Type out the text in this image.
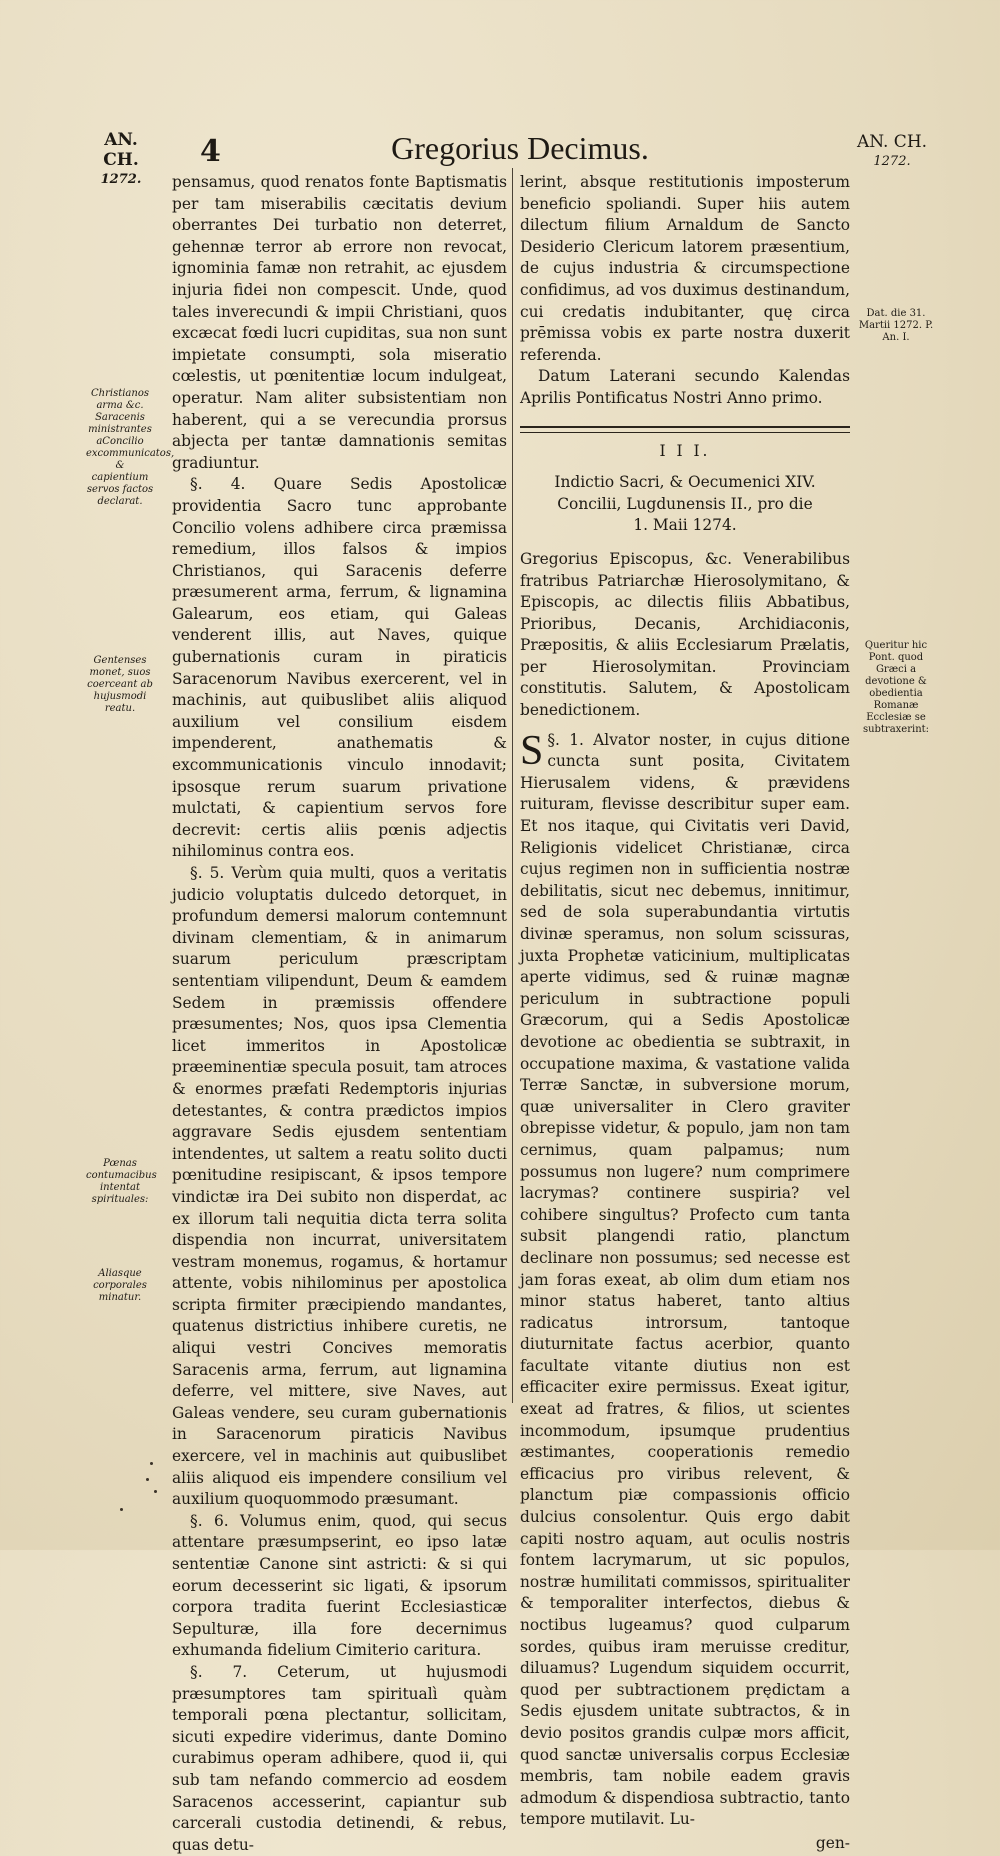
AN. CH.
1272.
4	Gregorius Decimus.	AN. CH.
1272.
Christianos arma &c. Saracenis ministrantes aConcilio excommunicatos, & capientium servos factos declarat.
Gentenses monet, suos coerceant ab hujusmodi reatu.
Pœnas contumacibus intentat spirituales:
Aliasque corporales minatur.
Dat. die 31. Martii 1272. P. An. I.
Queritur hic Pont. quod Græci a devotione & obedientia Romanæ Ecclesiæ se subtraxerint:

pensamus, quod renatos fonte Baptismatis per tam miserabilis cæcitatis devium oberrantes Dei turbatio non deterret, gehennæ terror ab errore non revocat, ignominia famæ non retrahit, ac ejusdem injuria fidei non compescit. Unde, quod tales inverecundi & impii Christiani, quos excæcat fœdi lucri cupiditas, sua non sunt impietate consumpti, sola miseratio cœlestis, ut pœnitentiæ locum indulgeat, operatur. Nam aliter subsistentiam non haberent, qui a se verecundia prorsus abjecta per tantæ damnationis semitas gradiuntur.

§. 4. Quare Sedis Apostolicæ providentia Sacro tunc approbante Concilio volens adhibere circa præmissa remedium, illos falsos & impios Christianos, qui Saracenis deferre præsumerent arma, ferrum, & lignamina Galearum, eos etiam, qui Galeas venderent illis, aut Naves, quique gubernationis curam in piraticis Saracenorum Navibus exercerent, vel in machinis, aut quibuslibet aliis aliquod auxilium vel consilium eisdem impenderent, anathematis & excommunicationis vinculo innodavit; ipsosque rerum suarum privatione mulctati, & capientium servos fore decrevit: certis aliis pœnis adjectis nihilominus contra eos.

§. 5. Verùm quia multi, quos a veritatis judicio voluptatis dulcedo detorquet, in profundum demersi malorum contemnunt divinam clementiam, & in animarum suarum periculum præscriptam sententiam vilipendunt, Deum & eamdem Sedem in præmissis offendere præsumentes; Nos, quos ipsa Clementia licet immeritos in Apostolicæ præeminentiæ specula posuit, tam atroces & enormes præfati Redemptoris injurias detestantes, & contra prædictos impios aggravare Sedis ejusdem sententiam intendentes, ut saltem a reatu solito ducti pœnitudine resipiscant, & ipsos tempore vindictæ ira Dei subito non disperdat, ac ex illorum tali nequitia dicta terra solita dispendia non incurrat, universitatem vestram monemus, rogamus, & hortamur attente, vobis nihilominus per apostolica scripta firmiter præcipiendo mandantes, quatenus districtius inhibere curetis, ne aliqui vestri Concives memoratis Saracenis arma, ferrum, aut lignamina deferre, vel mittere, sive Naves, aut Galeas vendere, seu curam gubernationis in Saracenorum piraticis Navibus exercere, vel in machinis aut quibuslibet aliis aliquod eis impendere consilium vel auxilium quoquommodo præsumant.

§. 6. Volumus enim, quod, qui secus attentare præsumpserint, eo ipso latæ sententiæ Canone sint astricti: & si qui eorum decesserint sic ligati, & ipsorum corpora tradita fuerint Ecclesiasticæ Sepulturæ, illa fore decernimus exhumanda fidelium Cimiterio caritura.

§. 7. Ceterum, ut hujusmodi præsumptores tam spiritualì quàm temporali pœna plectantur, sollicitam, sicuti expedire viderimus, dante Domino curabimus operam adhibere, quod ii, qui sub tam nefando commercio ad eosdem Saracenos accesserint, capiantur sub carcerali custodia detinendi, & rebus, quas detu-

lerint, absque restitutionis imposterum beneficio spoliandi. Super hiis autem dilectum filium Arnaldum de Sancto Desiderio Clericum latorem præsentium, de cujus industria & circumspectione confidimus, ad vos duximus destinandum, cui credatis indubitanter, quę circa prēmissa vobis ex parte nostra duxerit referenda.

Datum Laterani secundo Kalendas Aprilis Pontificatus Nostri Anno primo.

I I I.
Indictio Sacri, & Oecumenici XIV. Concilii, Lugdunensis II., pro die
1. Maii 1274.

Gregorius Episcopus, &c. Venerabilibus fratribus Patriarchæ Hierosolymitano, & Episcopis, ac dilectis filiis Abbatibus, Prioribus, Decanis, Archidiaconis, Præpositis, & aliis Ecclesiarum Prælatis, per Hierosolymitan. Provinciam constitutis. Salutem, & Apostolicam benedictionem.

§. 1.
S	Alvator noster, in cujus ditione cuncta sunt posita, Civitatem Hierusalem videns, & prævidens ruituram, flevisse describitur super eam. Et nos itaque, qui Civitatis veri David, Religionis videlicet Christianæ, circa cujus regimen non in sufficientia nostræ debilitatis, sicut nec debemus, innitimur, sed de sola superabundantia virtutis divinæ speramus, non solum scissuras, juxta Prophetæ vaticinium, multiplicatas aperte vidimus, sed & ruinæ magnæ periculum in subtractione populi Græcorum, qui a Sedis Apostolicæ devotione ac obedientia se subtraxit, in occupatione maxima, & vastatione valida Terræ Sanctæ, in subversione morum, quæ universaliter in Clero graviter obrepisse videtur, & populo, jam non tam cernimus, quam palpamus; num possumus non lugere? num comprimere lacrymas? continere suspiria? vel cohibere singultus? Profecto cum tanta subsit plangendi ratio, planctum declinare non possumus; sed necesse est jam foras exeat, ab olim dum etiam nos minor status haberet, tanto altius radicatus introrsum, tantoque diuturnitate factus acerbior, quanto facultate vitante diutius non est efficaciter exire permissus. Exeat igitur, exeat ad fratres, & filios, ut scientes incommodum, ipsumque prudentius æstimantes, cooperationis remedio efficacius pro viribus relevent, & planctum piæ compassionis officio dulcius consolentur. Quis ergo dabit capiti nostro aquam, aut oculis nostris fontem lacrymarum, ut sic populos, nostræ humilitati commissos, spiritualiter & temporaliter interfectos, diebus & noctibus lugeamus? quod culparum sordes, quibus iram meruisse creditur, diluamus? Lugendum siquidem occurrit, quod per subtractionem prędictam a Sedis ejusdem unitate subtractos, & in devio positos grandis culpæ mors afficit, quod sanctæ universalis corpus Ecclesiæ membris, tam nobile eadem gravis admodum & dispendiosa subtractio, tanto tempore mutilavit. Lu-

gen-
